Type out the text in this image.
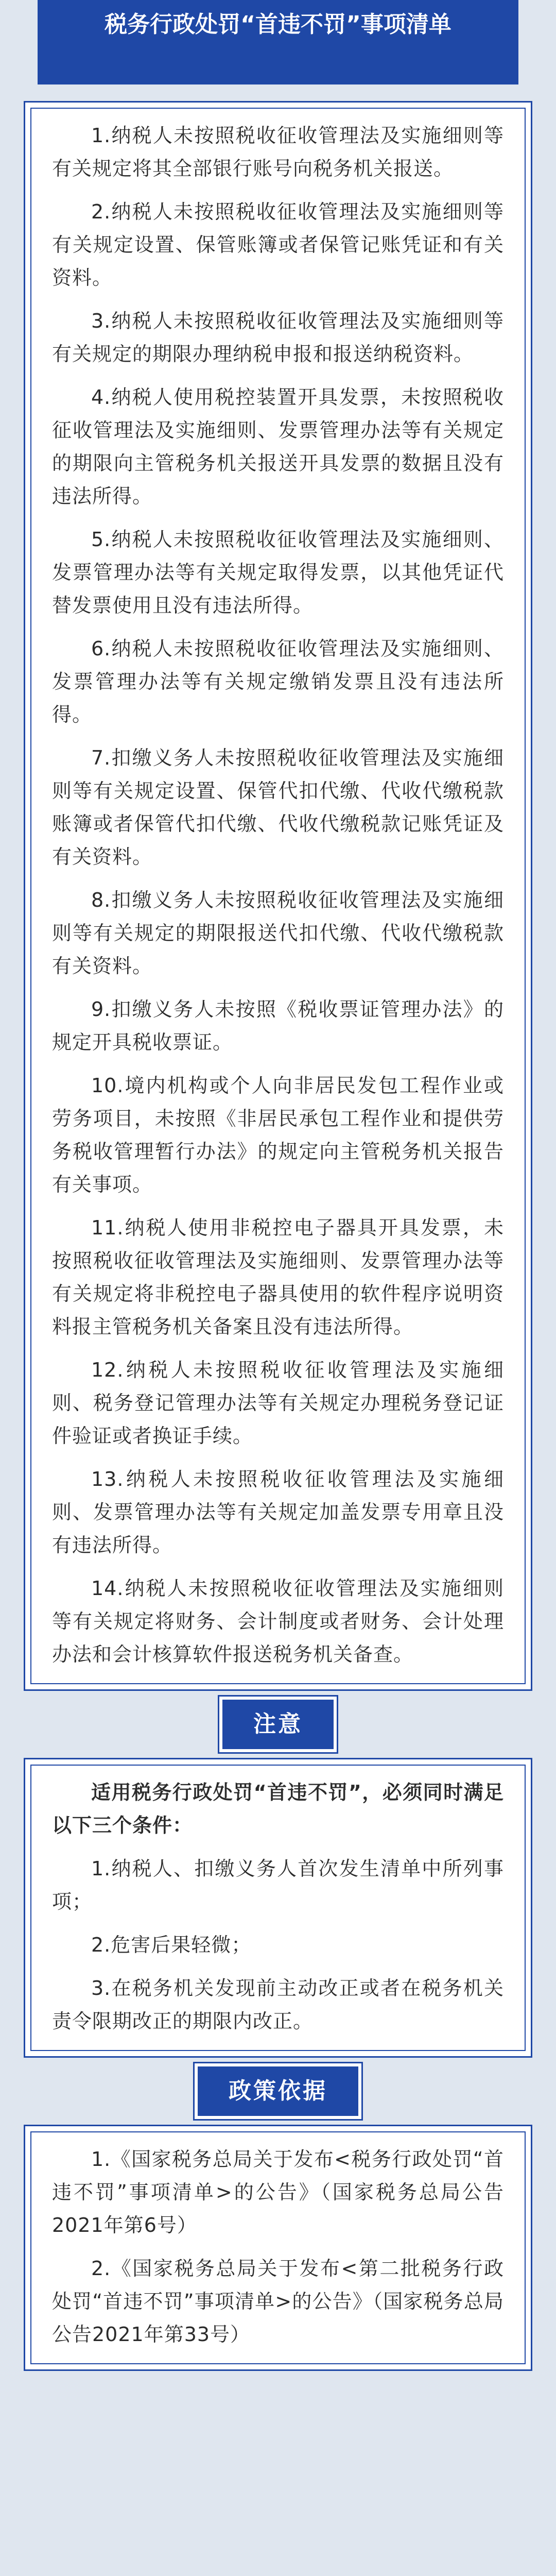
税务行政处罚“首违不罚”事项清单

1.纳税人未按照税收征收管理法及实施细则等有关规定将其全部银行账号向税务机关报送。

2.纳税人未按照税收征收管理法及实施细则等有关规定设置、保管账簿或者保管记账凭证和有关资料。

3.纳税人未按照税收征收管理法及实施细则等有关规定的期限办理纳税申报和报送纳税资料。

4.纳税人使用税控装置开具发票，未按照税收征收管理法及实施细则、发票管理办法等有关规定的期限向主管税务机关报送开具发票的数据且没有违法所得。

5.纳税人未按照税收征收管理法及实施细则、发票管理办法等有关规定取得发票，以其他凭证代替发票使用且没有违法所得。

6.纳税人未按照税收征收管理法及实施细则、发票管理办法等有关规定缴销发票且没有违法所得。

7.扣缴义务人未按照税收征收管理法及实施细则等有关规定设置、保管代扣代缴、代收代缴税款账簿或者保管代扣代缴、代收代缴税款记账凭证及有关资料。

8.扣缴义务人未按照税收征收管理法及实施细则等有关规定的期限报送代扣代缴、代收代缴税款有关资料。

9.扣缴义务人未按照《税收票证管理办法》的规定开具税收票证。

10.境内机构或个人向非居民发包工程作业或劳务项目，未按照《非居民承包工程作业和提供劳务税收管理暂行办法》的规定向主管税务机关报告有关事项。

11.纳税人使用非税控电子器具开具发票，未按照税收征收管理法及实施细则、发票管理办法等有关规定将非税控电子器具使用的软件程序说明资料报主管税务机关备案且没有违法所得。

12.纳税人未按照税收征收管理法及实施细则、税务登记管理办法等有关规定办理税务登记证件验证或者换证手续。

13.纳税人未按照税收征收管理法及实施细则、发票管理办法等有关规定加盖发票专用章且没有违法所得。

14.纳税人未按照税收征收管理法及实施细则等有关规定将财务、会计制度或者财务、会计处理办法和会计核算软件报送税务机关备查。

注意

适用税务行政处罚“首违不罚”，必须同时满足以下三个条件：

1.纳税人、扣缴义务人首次发生清单中所列事项；

2.危害后果轻微；

3.在税务机关发现前主动改正或者在税务机关责令限期改正的期限内改正。

政策依据

1.《国家税务总局关于发布<税务行政处罚“首违不罚”事项清单>的公告》（国家税务总局公告2021年第6号）

2.《国家税务总局关于发布<第二批税务行政处罚“首违不罚”事项清单>的公告》（国家税务总局公告2021年第33号）
